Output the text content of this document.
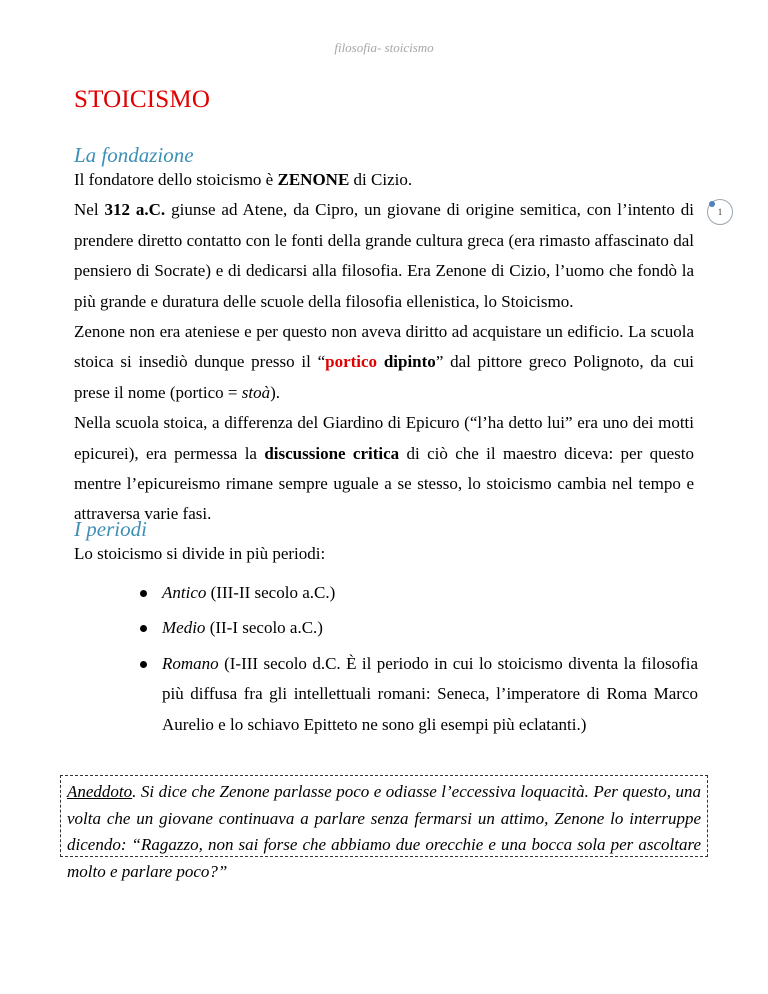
filosofia- stoicismo
1
STOICISMO
La fondazione

Il fondatore dello stoicismo è ZENONE di Cizio.

Nel 312 a.C. giunse ad Atene, da Cipro, un giovane di origine semitica, con l’intento di prendere diretto contatto con le fonti della grande cultura greca (era rimasto affascinato dal pensiero di Socrate) e di dedicarsi alla filosofia. Era Zenone di Cizio, l’uomo che fondò la più grande e duratura delle scuole della filosofia ellenistica, lo Stoicismo.

Zenone non era ateniese e per questo non aveva diritto ad acquistare un edificio. La scuola stoica si insediò dunque presso il “portico dipinto” dal pittore greco Polignoto, da cui prese il nome (portico = stoà).

Nella scuola stoica, a differenza del Giardino di Epicuro (“l’ha detto lui” era uno dei motti epicurei), era permessa la discussione critica di ciò che il maestro diceva: per questo mentre l’epicureismo rimane sempre uguale a se stesso, lo stoicismo cambia nel tempo e attraversa varie fasi.

I periodi
Lo stoicismo si divide in più periodi:
Antico (III-II secolo a.C.)
Medio (II-I secolo a.C.)
Romano (I-III secolo d.C. È il periodo in cui lo stoicismo diventa la filosofia più diffusa fra gli intellettuali romani: Seneca, l’imperatore di Roma Marco Aurelio e lo schiavo Epitteto ne sono gli esempi più eclatanti.)
Aneddoto. Si dice che Zenone parlasse poco e odiasse l’eccessiva loquacità. Per questo, una volta che un giovane continuava a parlare senza fermarsi un attimo, Zenone lo interruppe dicendo: “Ragazzo, non sai forse che abbiamo due orecchie e una bocca sola per ascoltare molto e parlare poco?”
